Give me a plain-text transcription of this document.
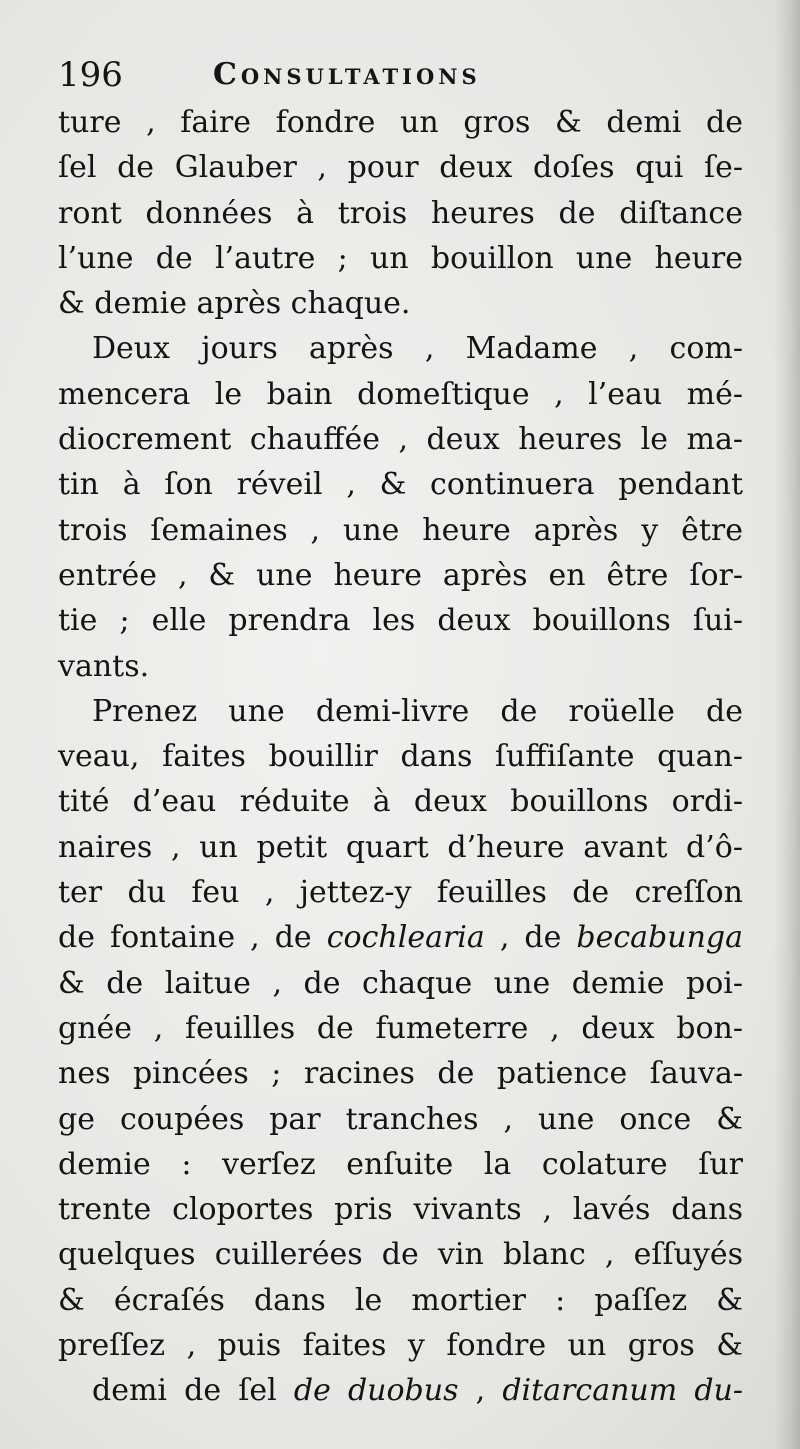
196	Consultations
ture , faire fondre un gros & demi de
ſel de Glauber , pour deux doſes qui ſe-
ront données à trois heures de diſtance
l’une de l’autre ; un bouillon une heure
& demie après chaque.
Deux jours après , Madame , com-
mencera le bain domeſtique , l’eau mé-
diocrement chauffée , deux heures le ma-
tin à ſon réveil , & continuera pendant
trois ſemaines , une heure après y être
entrée , & une heure après en être ſor-
tie ; elle prendra les deux bouillons ſui-
vants.
Prenez une demi-livre de roüelle de
veau, faites bouillir dans ſuffiſante quan-
tité d’eau réduite à deux bouillons ordi-
naires , un petit quart d’heure avant d’ô-
ter du feu , jettez-y feuilles de creſſon
de fontaine , de cochlearia , de becabunga
& de laitue , de chaque une demie poi-
gnée , feuilles de fumeterre , deux bon-
nes pincées ; racines de patience ſauva-
ge coupées par tranches , une once &
demie : verſez enſuite la colature ſur
trente cloportes pris vivants , lavés dans
quelques cuillerées de vin blanc , eſſuyés
& écraſés dans le mortier : paſſez &
preſſez , puis faites y fondre un gros &
demi de ſel de duobus , ditarcanum du-
